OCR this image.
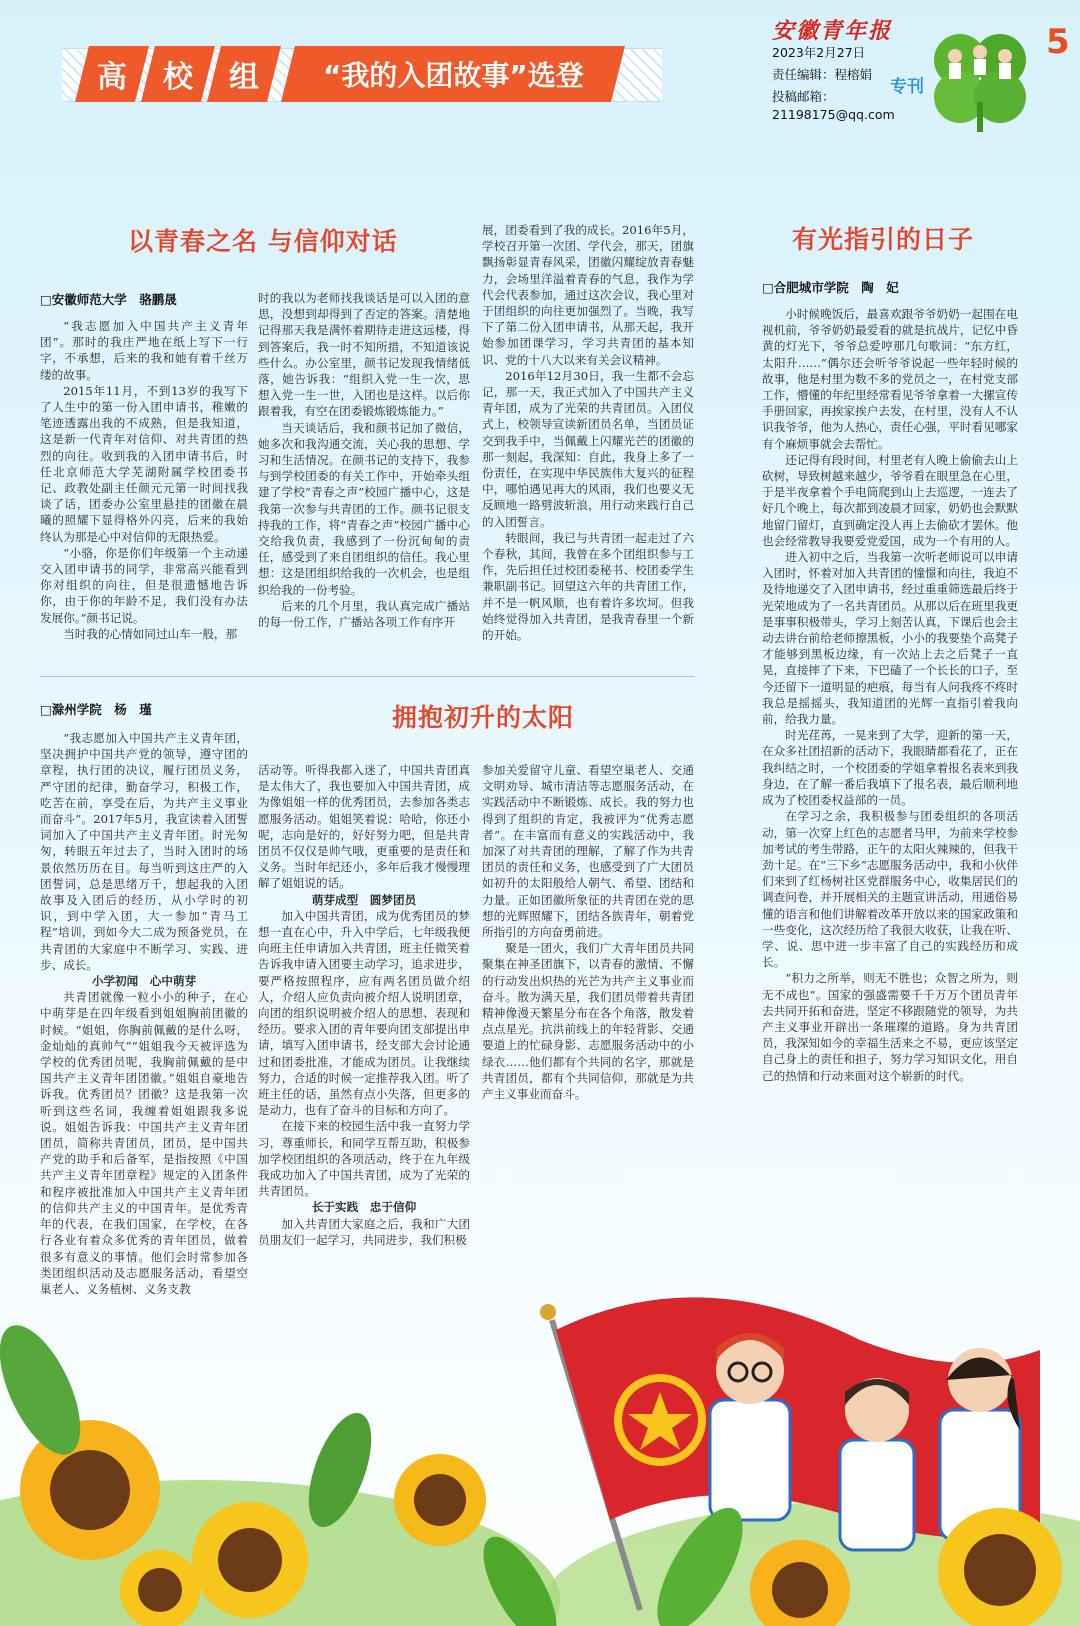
高 校 组 “我的入团故事”选登
安徽青年报
2023年2月27日
责任编辑：程榕娟
投稿邮箱：
21198175@qq.com
专刊
5
以青春之名 与信仰对话
□安徽师范大学　骆鹏晟

“我志愿加入中国共产主义青年团”。那时的我庄严地在纸上写下一行字，不承想，后来的我和她有着千丝万缕的故事。

2015年11月，不到13岁的我写下了人生中的第一份入团申请书，稚嫩的笔迹透露出我的不成熟，但是我知道，这是新一代青年对信仰、对共青团的热烈的向往。收到我的入团申请书后，时任北京师范大学芜湖附属学校团委书记、政教处副主任颜元元第一时间找我谈了话，团委办公室里悬挂的团徽在晨曦的照耀下显得格外闪亮，后来的我始终认为那是心中对信仰的无限热爱。

“小骆，你是你们年级第一个主动递交入团申请书的同学，非常高兴能看到你对组织的向往，但是很遗憾地告诉你，由于你的年龄不足，我们没有办法发展你。”颜书记说。

当时我的心情如同过山车一般，那

时的我以为老师找我谈话是可以入团的意思，没想到却得到了否定的答案。清楚地记得那天我是满怀着期待走进这远楼，得到答案后，我一时不知所措，不知道该说些什么。办公室里，颜书记发现我情绪低落，她告诉我：“组织入党一生一次，思想入党一生一世，入团也是这样。以后你跟着我，有空在团委锻炼锻炼能力。”

当天谈话后，我和颜书记加了微信，她多次和我沟通交流，关心我的思想、学习和生活情况。在颜书记的支持下，我参与到学校团委的有关工作中，开始牵头组建了学校“青春之声”校园广播中心，这是我第一次参与共青团的工作。颜书记很支持我的工作，将“青春之声”校园广播中心交给我负责，我感到了一份沉甸甸的责任，感受到了来自团组织的信任。我心里想：这是团组织给我的一次机会，也是组织给我的一份考验。

后来的几个月里，我认真完成广播站的每一份工作，广播站各项工作有序开

展，团委看到了我的成长。2016年5月，学校召开第一次团、学代会，那天，团旗飘扬彰显青春风采，团徽闪耀绽放青春魅力，会场里洋溢着青春的气息，我作为学代会代表参加，通过这次会议，我心里对于团组织的向往更加强烈了。当晚，我写下了第二份入团申请书，从那天起，我开始参加团课学习，学习共青团的基本知识、党的十八大以来有关会议精神。

2016年12月30日，我一生都不会忘记，那一天，我正式加入了中国共产主义青年团，成为了光荣的共青团员。入团仪式上，校领导宣读新团员名单，当团员证交到我手中，当佩戴上闪耀光芒的团徽的那一刻起，我深知：自此，我身上多了一份责任，在实现中华民族伟大复兴的征程中，哪怕遇见再大的风雨，我们也要义无反顾地一路劈波斩浪，用行动来践行自己的入团誓言。

转眼间，我已与共青团一起走过了六个春秋，其间，我曾在多个团组织参与工作，先后担任过校团委秘书、校团委学生兼职副书记。回望这六年的共青团工作，并不是一帆风顺，也有着许多坎坷。但我始终觉得加入共青团，是我青春里一个新的开始。

有光指引的日子
□合肥城市学院　陶　妃

小时候晚饭后，最喜欢跟爷爷奶奶一起围在电视机前，爷爷奶奶最爱看的就是抗战片，记忆中昏黄的灯光下，爷爷总爱哼那几句歌词：“东方红，太阳升……”偶尔还会听爷爷说起一些年轻时候的故事，他是村里为数不多的党员之一，在村党支部工作，懵懂的年纪里经常看见爷爷拿着一大摞宣传手册回家，再挨家挨户去发，在村里，没有人不认识我爷爷，他为人热心，责任心强，平时看见哪家有个麻烦事就会去帮忙。

还记得有段时间，村里老有人晚上偷偷去山上砍树，导致树越来越少，爷爷看在眼里急在心里，于是半夜拿着个手电筒爬到山上去巡逻，一连去了好几个晚上，每次都到凌晨才回家，奶奶也会默默地留门留灯，直到确定没人再上去偷砍才罢休。他也会经常教导我要爱党爱国，成为一个有用的人。

进入初中之后，当我第一次听老师说可以申请入团时，怀着对加入共青团的憧憬和向往，我迫不及待地递交了入团申请书，经过重重筛选最后终于光荣地成为了一名共青团员。从那以后在班里我更是事事积极带头，学习上刻苦认真，下课后也会主动去讲台前给老师擦黑板，小小的我要垫个高凳子才能够到黑板边缘，有一次站上去之后凳子一直晃，直接摔了下来，下巴磕了一个长长的口子，至今还留下一道明显的疤痕，每当有人问我疼不疼时我总是摇摇头，我知道团的光辉一直指引着我向前，给我力量。

时光荏苒，一晃来到了大学，迎新的第一天，在众多社团招新的活动下，我眼睛都看花了，正在我纠结之时，一个校团委的学姐拿着报名表来到我身边，在了解一番后我填下了报名表，最后顺利地成为了校团委权益部的一员。

在学习之余，我积极参与团委组织的各项活动，第一次穿上红色的志愿者马甲，为前来学校参加考试的考生带路，正午的太阳火辣辣的，但我干劲十足。在“三下乡”志愿服务活动中，我和小伙伴们来到了红杨树社区党群服务中心，收集居民们的调查问卷，并开展相关的主题宣讲活动，用通俗易懂的语言和他们讲解着改革开放以来的国家政策和一些变化，这次经历给了我很大收获，让我在听、学、说、思中进一步丰富了自己的实践经历和成长。

“积力之所举，则无不胜也；众智之所为，则无不成也”。国家的强盛需要千千万万个团员青年去共同开拓和奋进，坚定不移跟随党的领导，为共产主义事业开辟出一条璀璨的道路。身为共青团员，我深知如今的幸福生活来之不易，更应该坚定自己身上的责任和担子，努力学习知识文化，用自己的热情和行动来面对这个崭新的时代。

□滁州学院　杨　瑾	拥抱初升的太阳

“我志愿加入中国共产主义青年团，坚决拥护中国共产党的领导，遵守团的章程，执行团的决议，履行团员义务，严守团的纪律，勤奋学习，积极工作，吃苦在前，享受在后，为共产主义事业而奋斗”。2017年5月，我宣读着入团誓词加入了中国共产主义青年团。时光匆匆，转眼五年过去了，当时入团时的场景依然历历在目。每当听到这庄严的入团誓词，总是思绪万千，想起我的入团故事及入团后的经历，从小学时的初识，到中学入团，大一参加“青马工程”培训，到如今大二成为预备党员，在共青团的大家庭中不断学习、实践、进步、成长。

小学初闻　心中萌芽

共青团就像一粒小小的种子，在心中萌芽是在四年级看到姐姐胸前团徽的时候。“姐姐，你胸前佩戴的是什么呀，金灿灿的真帅气”“姐姐我今天被评选为学校的优秀团员呢，我胸前佩戴的是中国共产主义青年团团徽。”姐姐自豪地告诉我。优秀团员？团徽？这是我第一次听到这些名词，我缠着姐姐跟我多说说。姐姐告诉我：中国共产主义青年团团员，简称共青团员，团员，是中国共产党的助手和后备军，是指按照《中国共产主义青年团章程》规定的入团条件和程序被批准加入中国共产主义青年团的信仰共产主义的中国青年。是优秀青年的代表，在我们国家，在学校，在各行各业有着众多优秀的青年团员，做着很多有意义的事情。他们会时常参加各类团组织活动及志愿服务活动，看望空巢老人、义务植树、义务支教

活动等。听得我都入迷了，中国共青团真是太伟大了，我也要加入中国共青团，成为像姐姐一样的优秀团员，去参加各类志愿服务活动。姐姐笑着说：哈哈，你还小呢，志向是好的，好好努力吧，但是共青团员不仅仅是帅气哦，更重要的是责任和义务。当时年纪还小，多年后我才慢慢理解了姐姐说的话。

萌芽成型　圆梦团员

加入中国共青团，成为优秀团员的梦想一直在心中，升入中学后，七年级我便向班主任申请加入共青团，班主任微笑着告诉我申请入团要主动学习，追求进步，要严格按照程序，应有两名团员做介绍人，介绍人应负责向被介绍人说明团章，向团的组织说明被介绍人的思想、表现和经历。要求入团的青年要向团支部提出申请，填写入团申请书，经支部大会讨论通过和团委批准，才能成为团员。让我继续努力，合适的时候一定推荐我入团。听了班主任的话，虽然有点小失落，但更多的是动力，也有了奋斗的目标和方向了。

在接下来的校园生活中我一直努力学习，尊重师长，和同学互帮互助，积极参加学校团组织的各项活动，终于在九年级我成功加入了中国共青团，成为了光荣的共青团员。

长于实践　忠于信仰

加入共青团大家庭之后，我和广大团员朋友们一起学习，共同进步，我们积极

参加关爱留守儿童、看望空巢老人、交通文明劝导、城市清洁等志愿服务活动，在实践活动中不断锻炼、成长。我的努力也得到了组织的肯定，我被评为“优秀志愿者”。在丰富而有意义的实践活动中，我加深了对共青团的理解，了解了作为共青团员的责任和义务，也感受到了广大团员如初升的太阳般给人朝气、希望、团结和力量。正如团徽所象征的共青团在党的思想的光辉照耀下，团结各族青年，朝着党所指引的方向奋勇前进。

聚是一团火，我们广大青年团员共同聚集在神圣团旗下，以青春的激情、不懈的行动发出炽热的光芒为共产主义事业而奋斗。散为满天星，我们团员带着共青团精神像漫天繁星分布在各个角落，散发着点点星光。抗洪前线上的年轻背影、交通要道上的忙碌身影、志愿服务活动中的小绿衣……他们都有个共同的名字，那就是共青团员，都有个共同信仰，那就是为共产主义事业而奋斗。
